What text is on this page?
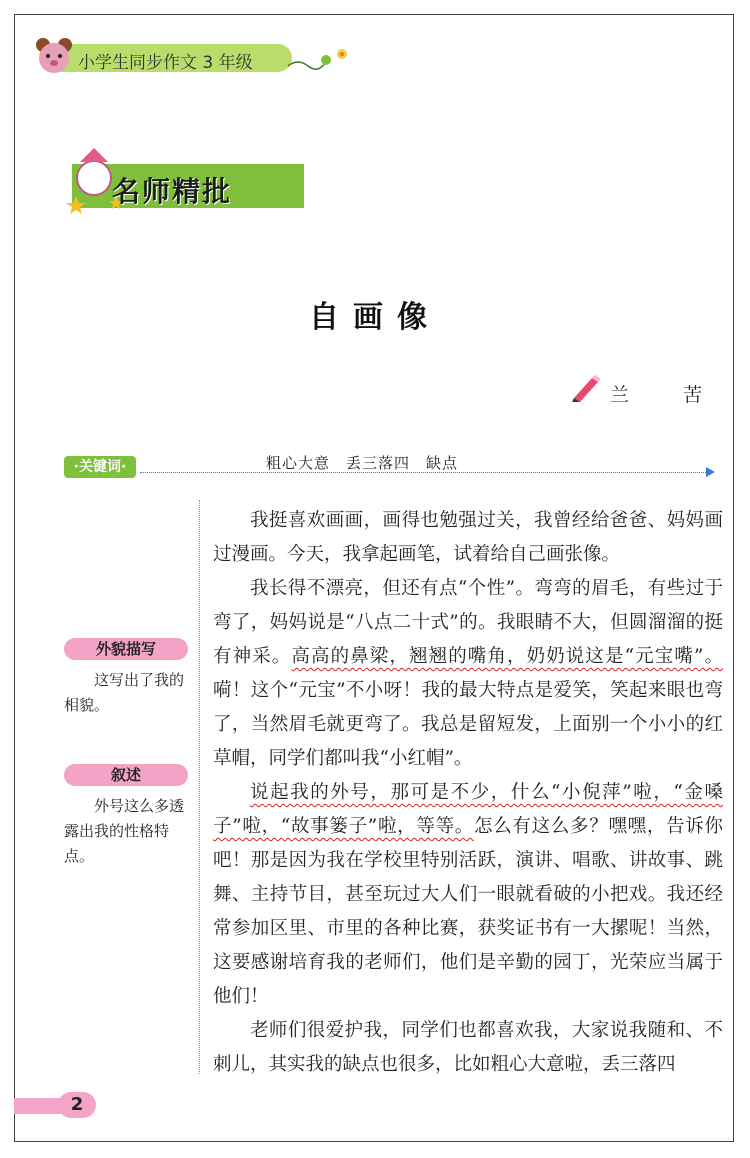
小学生同步作文 3 年级
名师精批
自画像
兰 苦
·关键词·	粗心大意　丢三落四　缺点
外貌描写
这写出了我的相貌。
叙述
外号这么多透露出我的性格特点。

我挺喜欢画画，画得也勉强过关，我曾经给爸爸、妈妈画过漫画。今天，我拿起画笔，试着给自己画张像。

我长得不漂亮，但还有点“个性”。弯弯的眉毛，有些过于弯了，妈妈说是“八点二十式”的。我眼睛不大，但圆溜溜的挺有神采。高高的鼻梁，翘翘的嘴角，奶奶说这是“元宝嘴”。嗬！这个“元宝”不小呀！我的最大特点是爱笑，笑起来眼也弯了，当然眉毛就更弯了。我总是留短发，上面别一个小小的红草帽，同学们都叫我“小红帽”。

说起我的外号，那可是不少，什么“小倪萍”啦，“金嗓子”啦，“故事篓子”啦，等等。怎么有这么多？嘿嘿，告诉你吧！那是因为我在学校里特别活跃，演讲、唱歌、讲故事、跳舞、主持节目，甚至玩过大人们一眼就看破的小把戏。我还经常参加区里、市里的各种比赛，获奖证书有一大摞呢！当然，这要感谢培育我的老师们，他们是辛勤的园丁，光荣应当属于他们！

老师们很爱护我，同学们也都喜欢我，大家说我随和、不刺儿，其实我的缺点也很多，比如粗心大意啦，丢三落四

2
